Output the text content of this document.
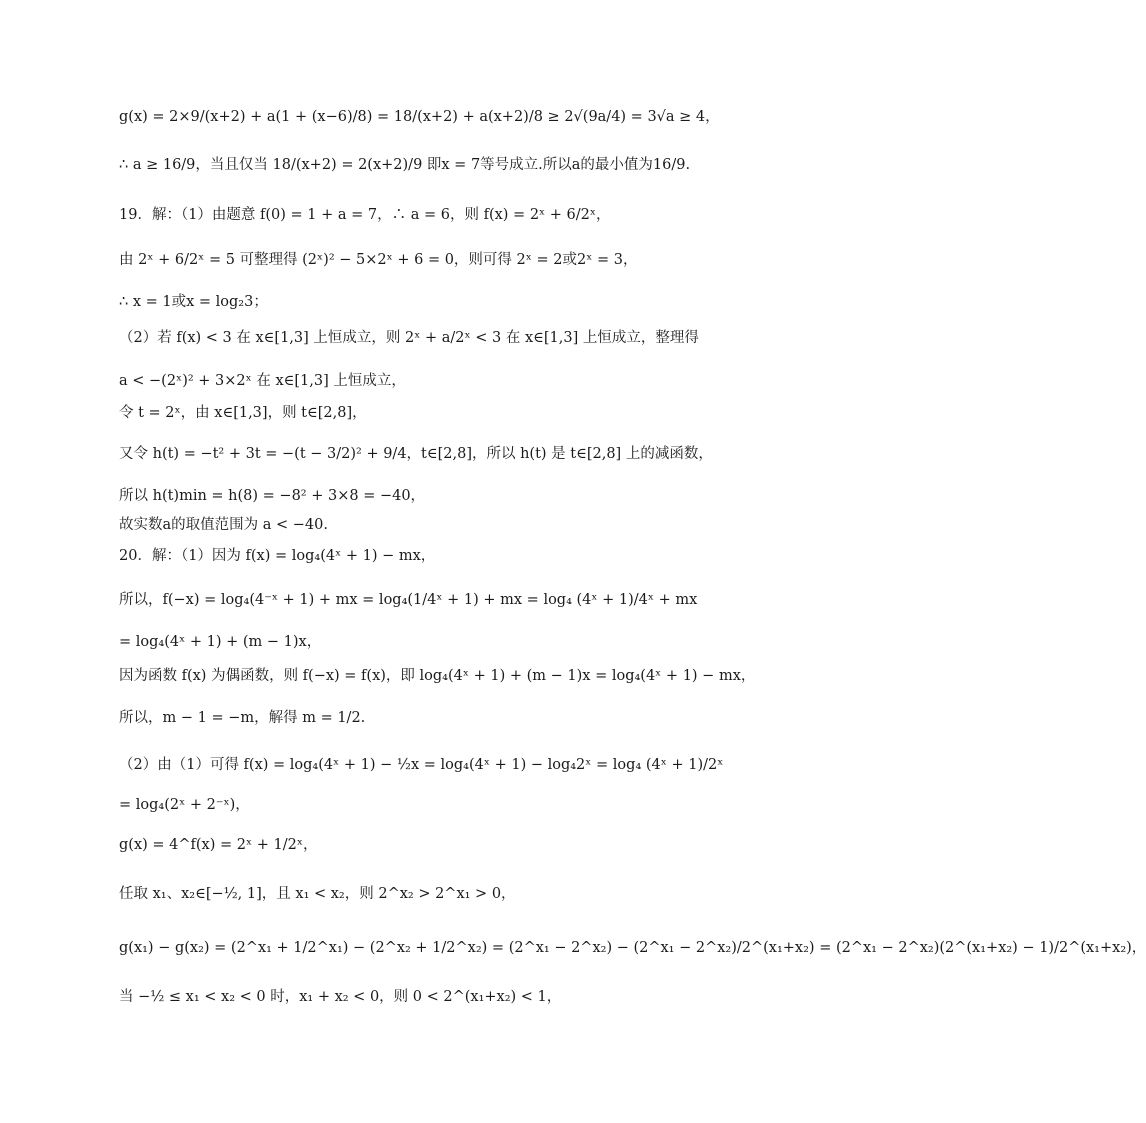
g(x) = 2×9/(x+2) + a(1 + (x−6)/8) = 18/(x+2) + a(x+2)/8 ≥ 2√(9a/4) = 3√a ≥ 4，
∴ a ≥ 16/9，当且仅当 18/(x+2) = 2(x+2)/9 即x = 7等号成立.所以a的最小值为16/9.
19．解：（1）由题意 f(0) = 1 + a = 7，∴ a = 6，则 f(x) = 2ˣ + 6/2ˣ，
由 2ˣ + 6/2ˣ = 5 可整理得 (2ˣ)² − 5×2ˣ + 6 = 0，则可得 2ˣ = 2或2ˣ = 3，
∴ x = 1或x = log₂3；
（2）若 f(x) < 3 在 x∈[1,3] 上恒成立，则 2ˣ + a/2ˣ < 3 在 x∈[1,3] 上恒成立，整理得
a < −(2ˣ)² + 3×2ˣ 在 x∈[1,3] 上恒成立，
令 t = 2ˣ，由 x∈[1,3]，则 t∈[2,8]，
又令 h(t) = −t² + 3t = −(t − 3/2)² + 9/4，t∈[2,8]，所以 h(t) 是 t∈[2,8] 上的减函数，
所以 h(t)min = h(8) = −8² + 3×8 = −40，
故实数a的取值范围为 a < −40.
20．解：（1）因为 f(x) = log₄(4ˣ + 1) − mx，
所以，f(−x) = log₄(4⁻ˣ + 1) + mx = log₄(1/4ˣ + 1) + mx = log₄ (4ˣ + 1)/4ˣ + mx
= log₄(4ˣ + 1) + (m − 1)x，
因为函数 f(x) 为偶函数，则 f(−x) = f(x)，即 log₄(4ˣ + 1) + (m − 1)x = log₄(4ˣ + 1) − mx，
所以，m − 1 = −m，解得 m = 1/2.
（2）由（1）可得 f(x) = log₄(4ˣ + 1) − ½x = log₄(4ˣ + 1) − log₄2ˣ = log₄ (4ˣ + 1)/2ˣ
= log₄(2ˣ + 2⁻ˣ)，
g(x) = 4^f(x) = 2ˣ + 1/2ˣ，
任取 x₁、x₂∈[−½, 1]，且 x₁ < x₂，则 2^x₂ > 2^x₁ > 0，
g(x₁) − g(x₂) = (2^x₁ + 1/2^x₁) − (2^x₂ + 1/2^x₂) = (2^x₁ − 2^x₂) − (2^x₁ − 2^x₂)/2^(x₁+x₂) = (2^x₁ − 2^x₂)(2^(x₁+x₂) − 1)/2^(x₁+x₂)，
当 −½ ≤ x₁ < x₂ < 0 时，x₁ + x₂ < 0，则 0 < 2^(x₁+x₂) < 1，
